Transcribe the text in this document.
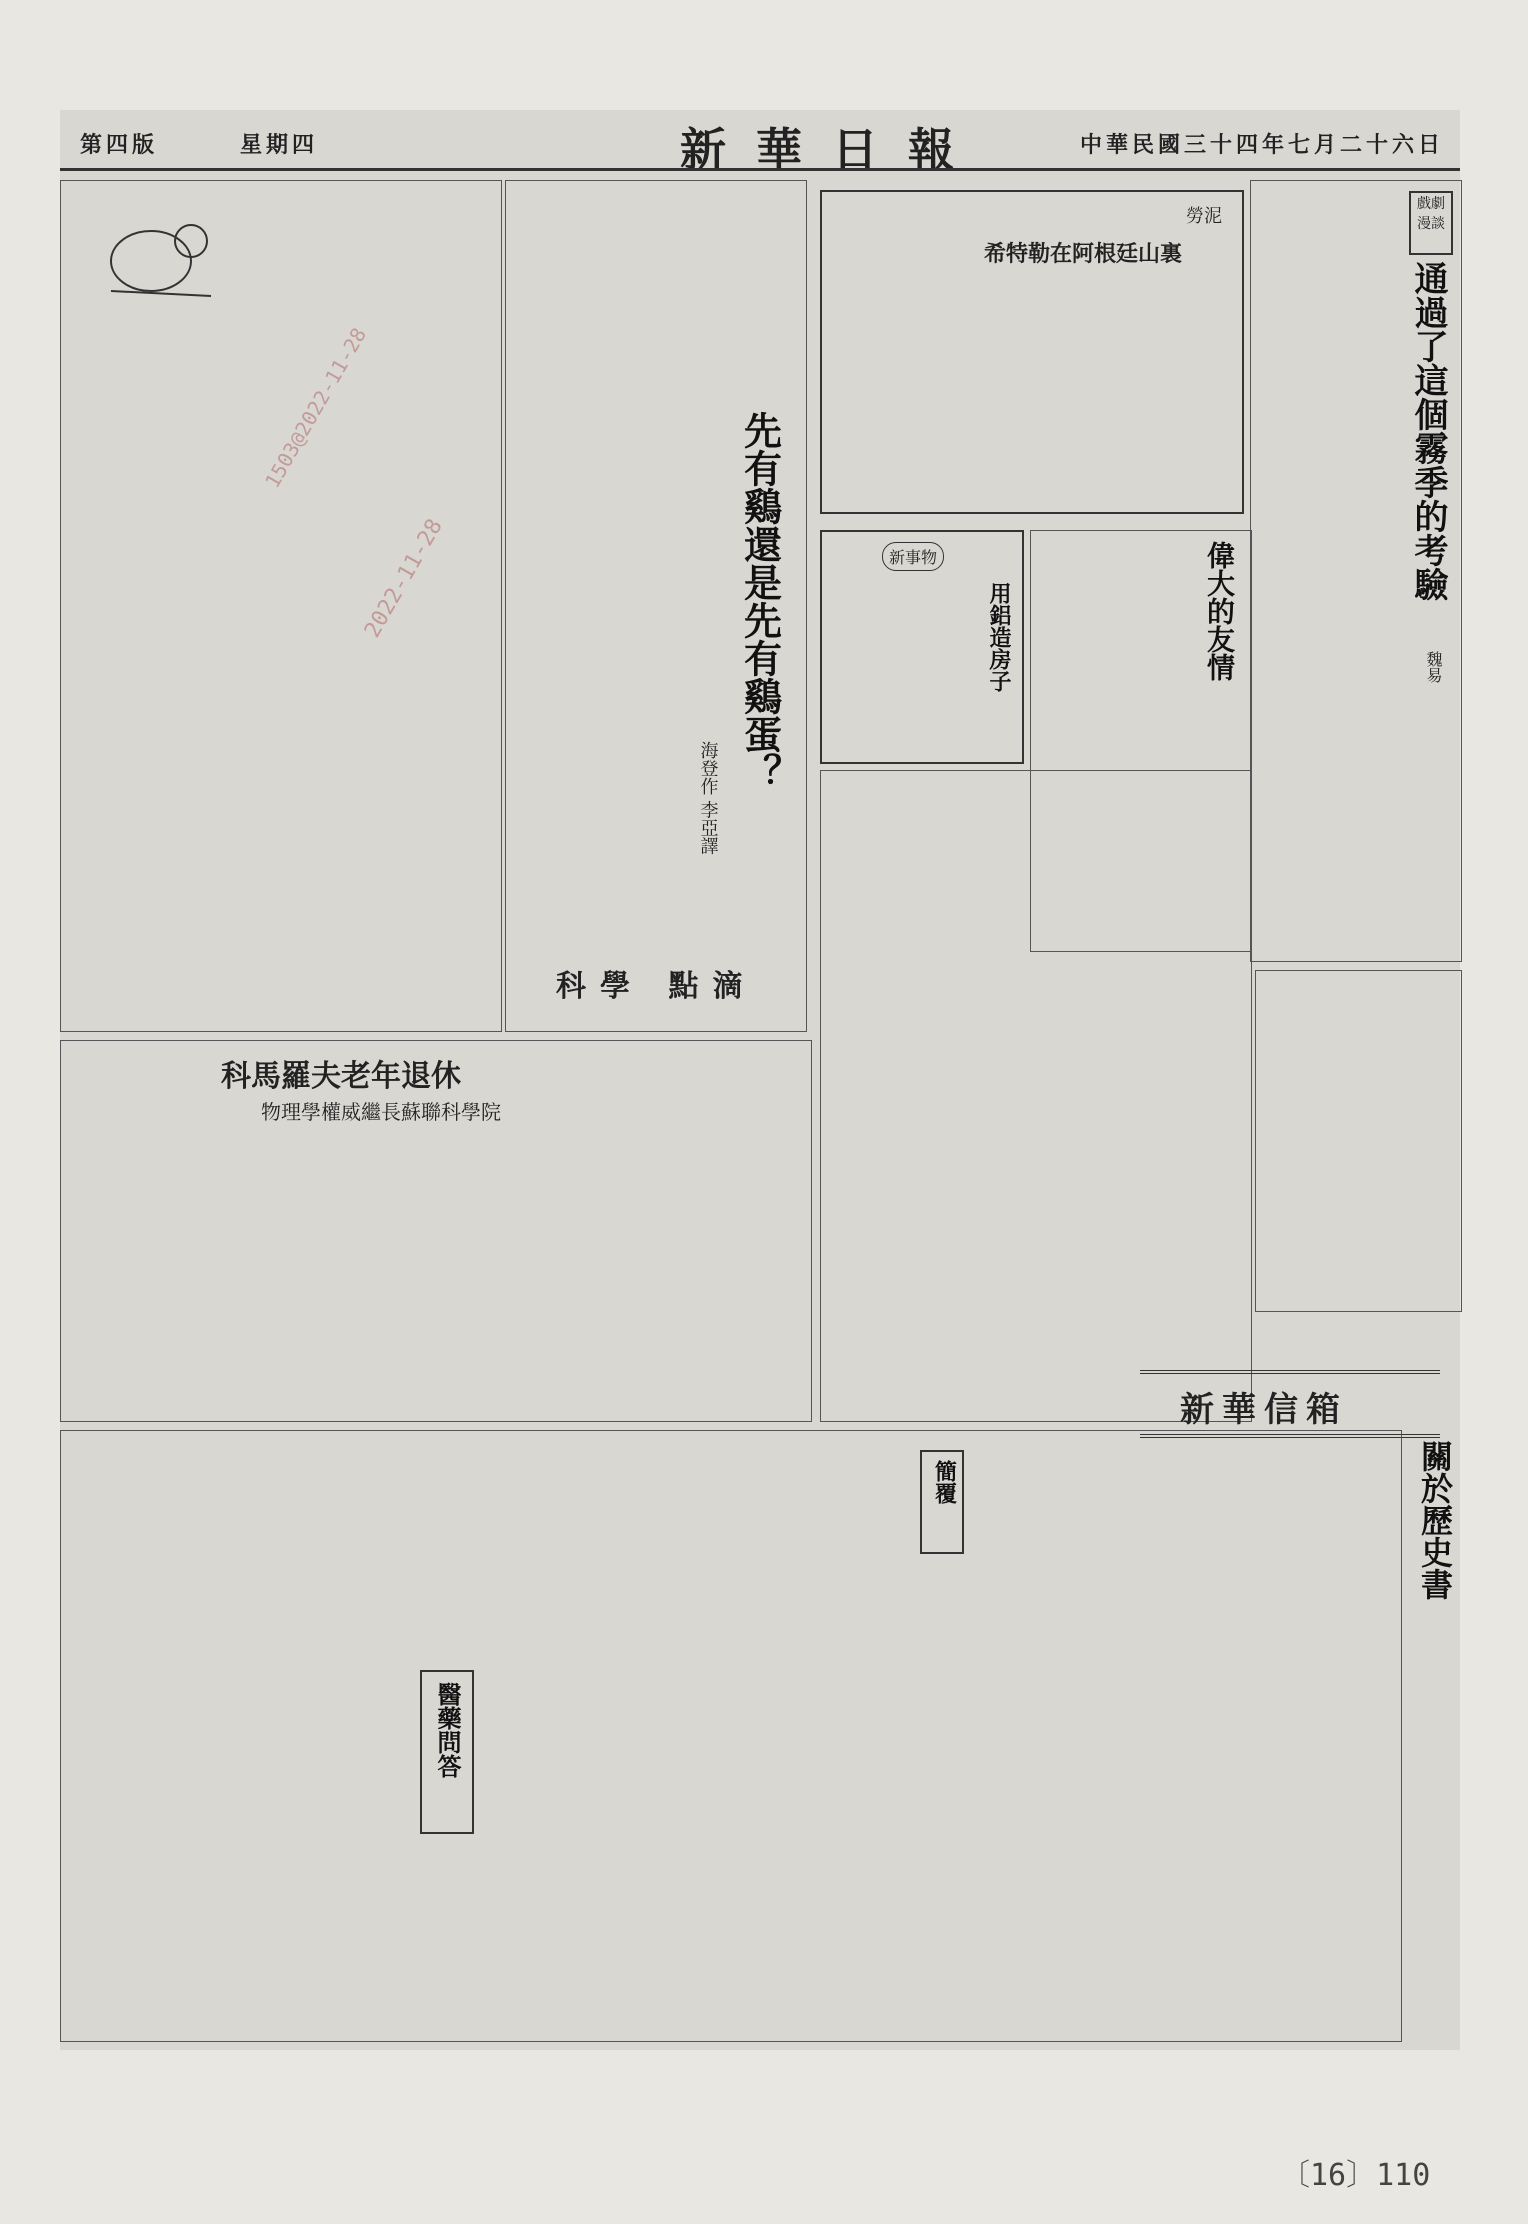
第四版	星期四	新華日報	中華民國三十四年七月二十六日
先有鷄還是先有鷄蛋？
海登作 李亞譯
科學 點滴
勞泥
希特勒在阿根廷山裏
戲劇漫談
通過了這個霧季的考驗
魏易
新事物
用鋁造房子	偉大的友情
科馬羅夫老年退休
物理學權威繼長蘇聯科學院
新華信箱
關於歷史書
醫藥問答
簡覆
2022-11-28
1503@2022-11-28
〔16〕110
